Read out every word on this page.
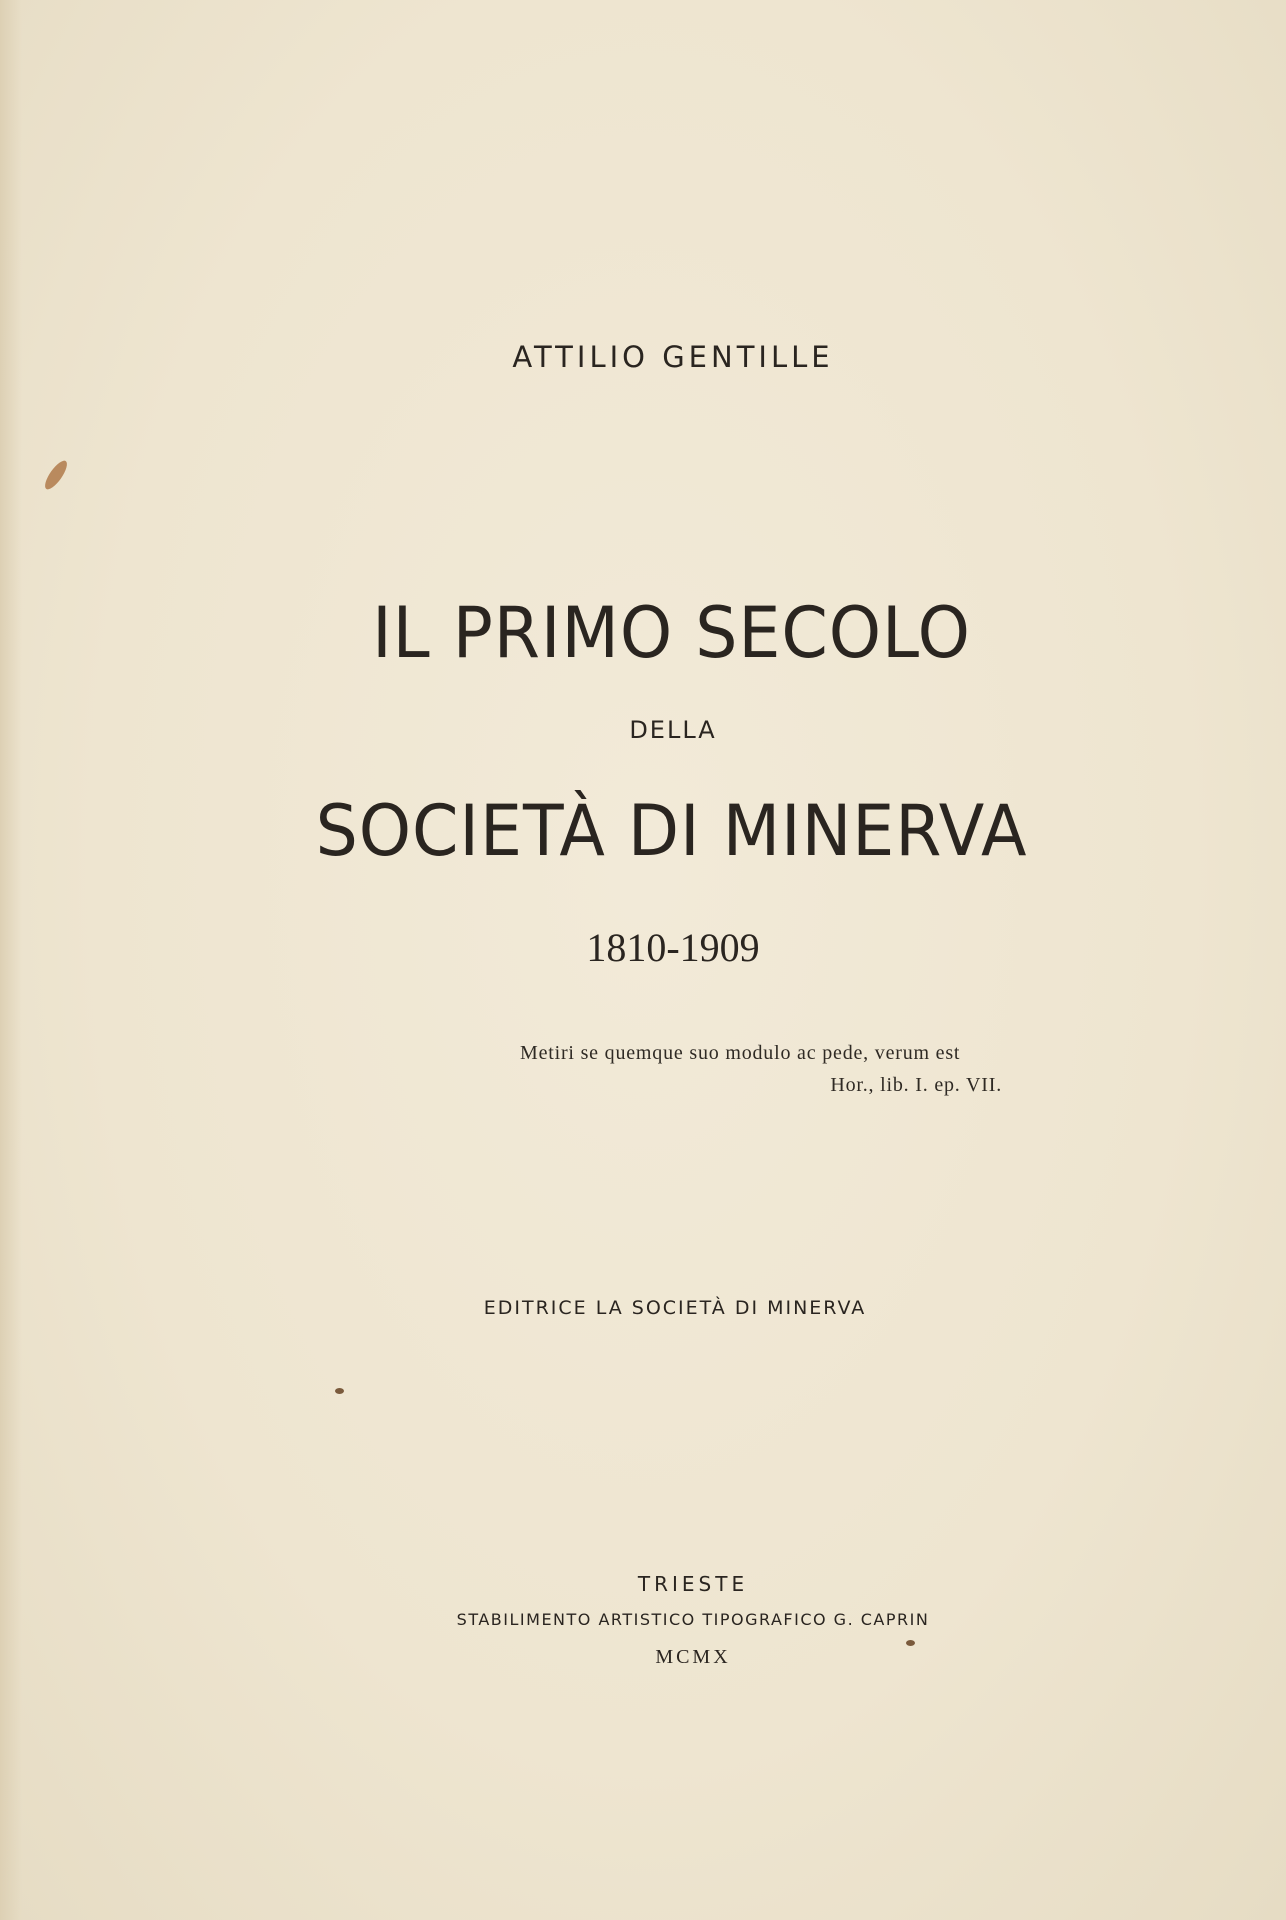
ATTILIO GENTILLE
IL PRIMO SECOLO
DELLA
SOCIETÀ DI MINERVA
1810-1909
Metiri se quemque suo modulo ac pede, verum est
Hor., lib. I. ep. VII.
EDITRICE LA SOCIETÀ DI MINERVA
TRIESTE
STABILIMENTO ARTISTICO TIPOGRAFICO G. CAPRIN
MCMX
